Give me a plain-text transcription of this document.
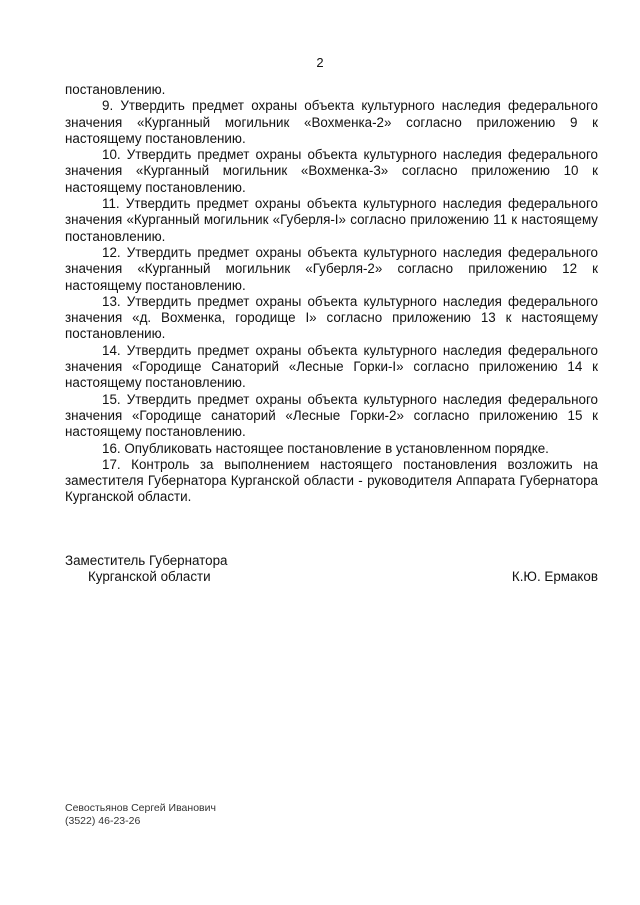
2

постановлению.

9. Утвердить предмет охраны объекта культурного наследия федерального значения «Курганный могильник «Вохменка-2» согласно приложению 9 к настоящему постановлению.

10. Утвердить предмет охраны объекта культурного наследия федерального значения «Курганный могильник «Вохменка-3» согласно приложению 10 к настоящему постановлению.

11. Утвердить предмет охраны объекта культурного наследия федерального значения «Курганный могильник «Губерля-I» согласно приложению 11 к настоящему постановлению.

12. Утвердить предмет охраны объекта культурного наследия федерального значения «Курганный могильник «Губерля-2» согласно приложению 12 к настоящему постановлению.

13. Утвердить предмет охраны объекта культурного наследия федерального значения «д. Вохменка, городище I» согласно приложению 13 к настоящему постановлению.

14. Утвердить предмет охраны объекта культурного наследия федерального значения «Городище Санаторий «Лесные Горки-I» согласно приложению 14 к настоящему постановлению.

15. Утвердить предмет охраны объекта культурного наследия федерального значения «Городище санаторий «Лесные Горки-2» согласно приложению 15 к настоящему постановлению.

16. Опубликовать настоящее постановление в установленном порядке.

17. Контроль за выполнением настоящего постановления возложить на заместителя Губернатора Курганской области - руководителя Аппарата Губернатора Курганской области.

Заместитель Губернатора
Курганской области	К.Ю. Ермаков
Севостьянов Сергей Иванович
(3522) 46-23-26
